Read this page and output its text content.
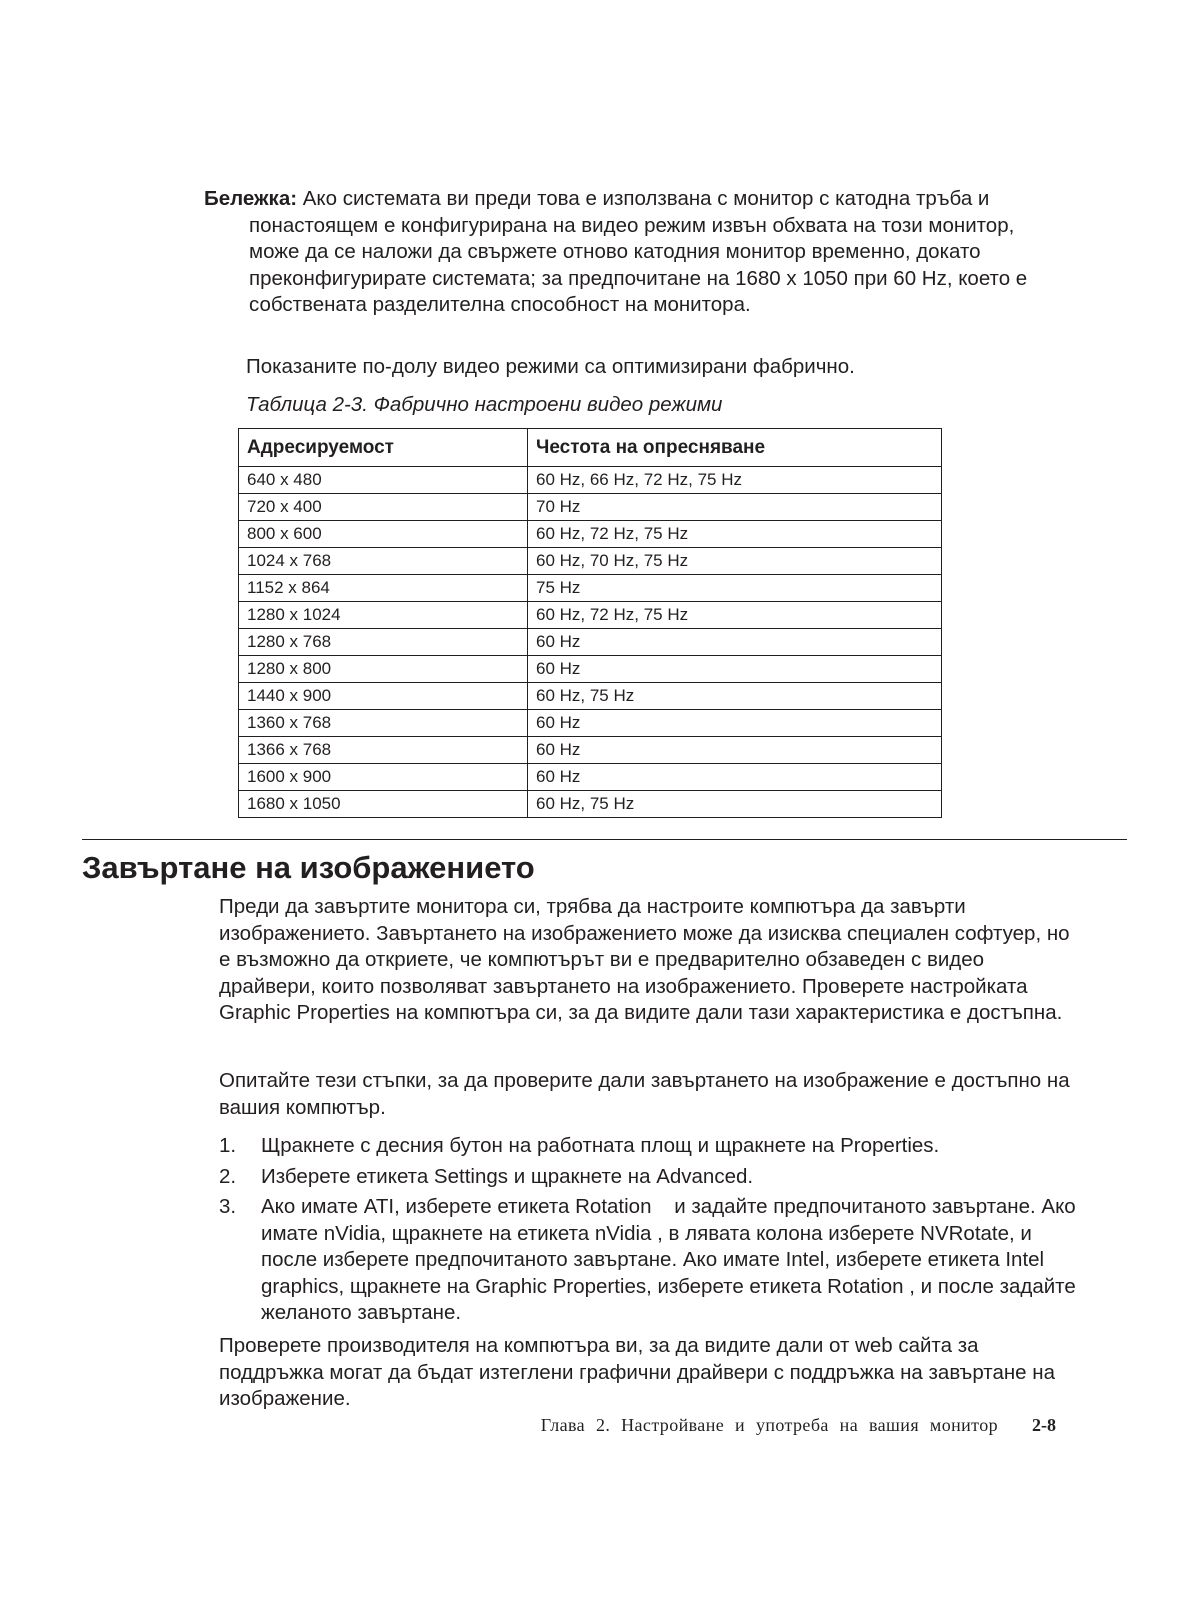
Бележка: Ако системата ви преди това е използвана с монитор с катодна тръба и понастоящем е конфигурирана на видео режим извън обхвата на този монитор, може да се наложи да свържете отново катодния монитор временно, докато преконфигурирате системата; за предпочитане на 1680 x 1050 при 60 Hz, което е собствената разделителна способност на монитора.

Показаните по-долу видео режими са оптимизирани фабрично.

Таблица 2-3. Фабрично настроени видео режими

Адресируемост	Честота на опресняване
640 x 480	60 Hz, 66 Hz, 72 Hz, 75 Hz
720 x 400	70 Hz
800 x 600	60 Hz, 72 Hz, 75 Hz
1024 x 768	60 Hz, 70 Hz, 75 Hz
1152 x 864	75 Hz
1280 x 1024	60 Hz, 72 Hz, 75 Hz
1280 x 768	60 Hz
1280 x 800	60 Hz
1440 x 900	60 Hz, 75 Hz
1360 x 768	60 Hz
1366 x 768	60 Hz
1600 x 900	60 Hz
1680 x 1050	60 Hz, 75 Hz
Завъртане на изображението

Преди да завъртите монитора си, трябва да настроите компютъра да завърти изображението. Завъртането на изображението може да изисква специален софтуер, но е възможно да откриете, че компютърът ви е предварително обзаведен с видео драйвери, които позволяват завъртането на изображението. Проверете настройката Graphic Properties на компютъра си, за да видите дали тази характеристика е достъпна.

Опитайте тези стъпки, за да проверите дали завъртането на изображение е достъпно на вашия компютър.

1. Щракнете с десния бутон на работната площ и щракнете на Properties.
2. Изберете етикета Settings и щракнете на Advanced.
3. Ако имате ATI, изберете етикета Rotation    и задайте предпочитаното завъртане. Ако имате nVidia, щракнете на етикета nVidia , в лявата колона изберете NVRotate, и после изберете предпочитаното завъртане. Ако имате Intel, изберете етикета Intel graphics, щракнете на Graphic Properties, изберете етикета Rotation , и после задайте желаното завъртане.

Проверете производителя на компютъра ви, за да видите дали от web сайта за поддръжка могат да бъдат изтеглени графични драйвери с поддръжка на завъртане на изображение.

Глава 2. Настройване и употреба на вашия монитор 2-8
